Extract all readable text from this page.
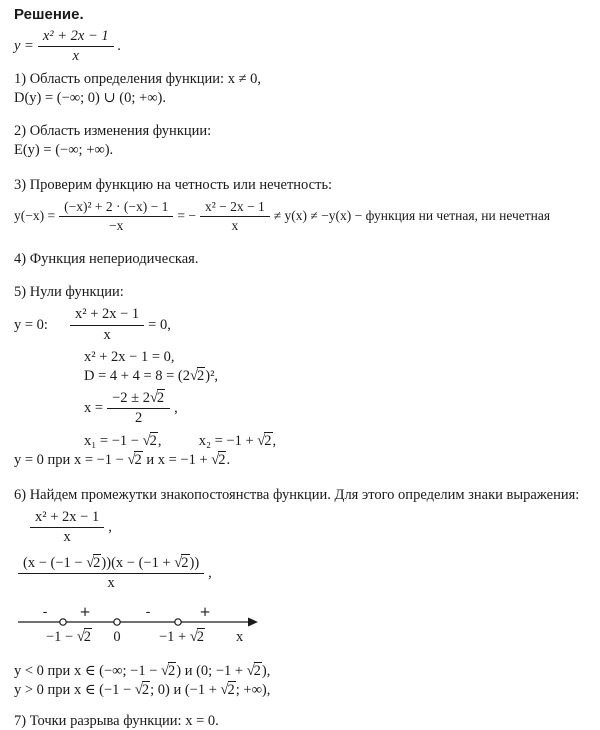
Решение.
$y = \frac{\text{x² + 2x − 1}}{x}$ .
1) Область определения функции: x ≠ 0,
D(y) = (−∞; 0) ∪ (0; +∞).
2) Область изменения функции:
E(y) = (−∞; +∞).
3) Проверим функцию на четность или нечетность:
$y(-x) = \frac{\text{(−x)² + 2 · (−x) − 1}}{-x}$ = − $\frac{\text{x² − 2x − 1}}{x} \ne y(x) \ne -y(x)$ − функция ни четная, ни нечетная
4) Функция непериодическая.
5) Нули функции:
y = 0: $\frac{\text{x² + 2x − 1}}{x} = 0$,
x² + 2x − 1 = 0,
D = 4 + 4 = 8 = (2√2)²,
$x = \frac{-2 \pm 2√2}{2}$ ,
x₁ = −1 − √2,	x₂ = −1 + √2,
y = 0 при x = −1 − √2 и x = −1 + √2.
6) Найдем промежутки знакопостоянства функции. Для этого определим знаки выражения:
$\frac{\text{x² + 2x − 1}}{x}$ ,
$\frac{(x - (-1 - √2))(x - (-1 + √2))}{x}$ ,
- +	-	+
−1 − √2 0	−1 + √2 x
y < 0 при x ∈ (−∞; −1 − √2) и (0; −1 + √2),
y > 0 при x ∈ (−1 − √2; 0) и (−1 + √2; +∞),
7) Точки разрыва функции: x = 0.
